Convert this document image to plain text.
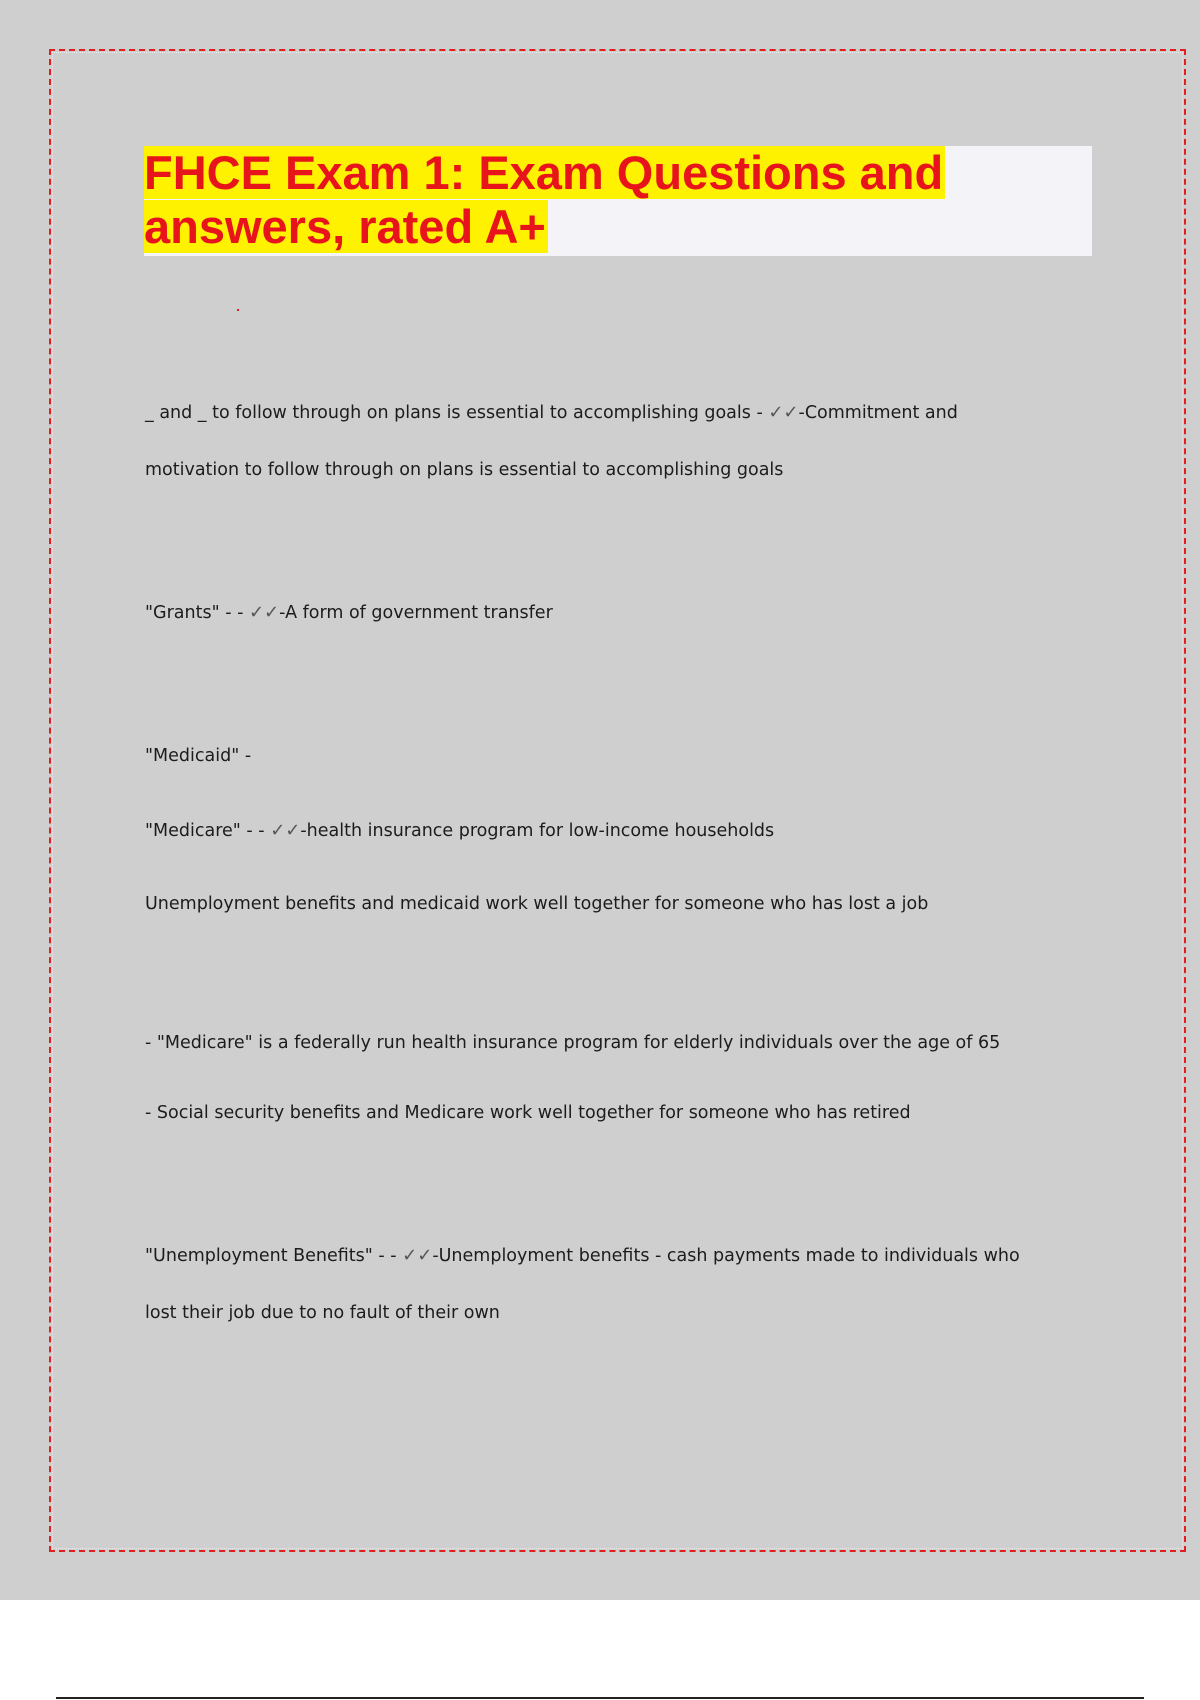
FHCE Exam 1: Exam Questions and
answers, rated A+

_ and _ to follow through on plans is essential to accomplishing goals - ✓✓-Commitment and

motivation to follow through on plans is essential to accomplishing goals

"Grants" - - ✓✓-A form of government transfer

"Medicaid" -

"Medicare" - - ✓✓-health insurance program for low-income households

Unemployment benefits and medicaid work well together for someone who has lost a job

- "Medicare" is a federally run health insurance program for elderly individuals over the age of 65

- Social security benefits and Medicare work well together for someone who has retired

"Unemployment Benefits" - - ✓✓-Unemployment benefits - cash payments made to individuals who

lost their job due to no fault of their own
